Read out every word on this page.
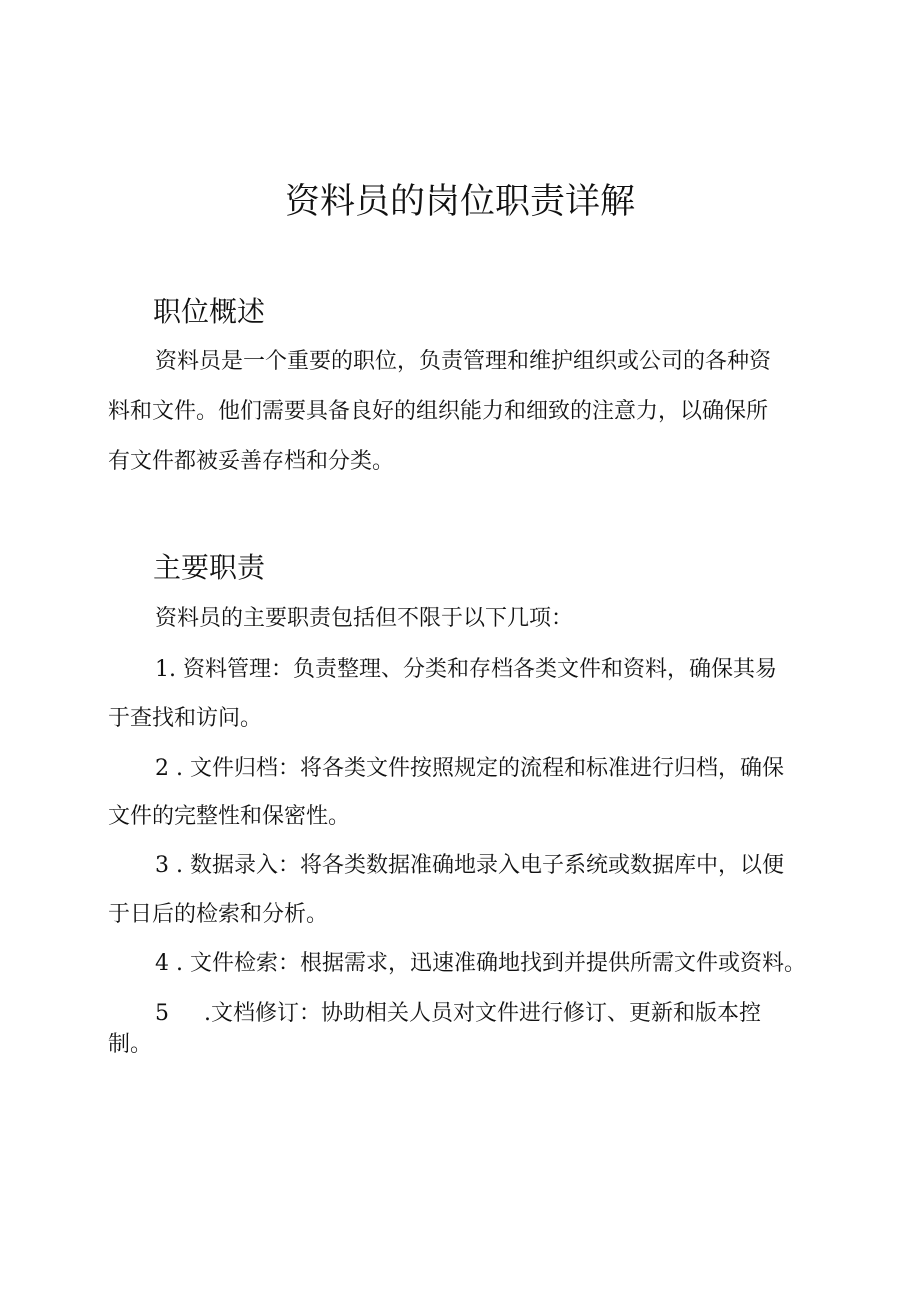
资料员的岗位职责详解
职位概述

资料员是一个重要的职位，负责管理和维护组织或公司的各种资

料和文件。他们需要具备良好的组织能力和细致的注意力，以确保所

有文件都被妥善存档和分类。

主要职责

资料员的主要职责包括但不限于以下几项：

1. 资料管理：负责整理、分类和存档各类文件和资料，确保其易

于查找和访问。

2 . 文件归档：将各类文件按照规定的流程和标准进行归档，确保

文件的完整性和保密性。

3 . 数据录入：将各类数据准确地录入电子系统或数据库中，以便

于日后的检索和分析。

4 . 文件检索：根据需求，迅速准确地找到并提供所需文件或资料。

5     .文档修订：协助相关人员对文件进行修订、更新和版本控

制。
